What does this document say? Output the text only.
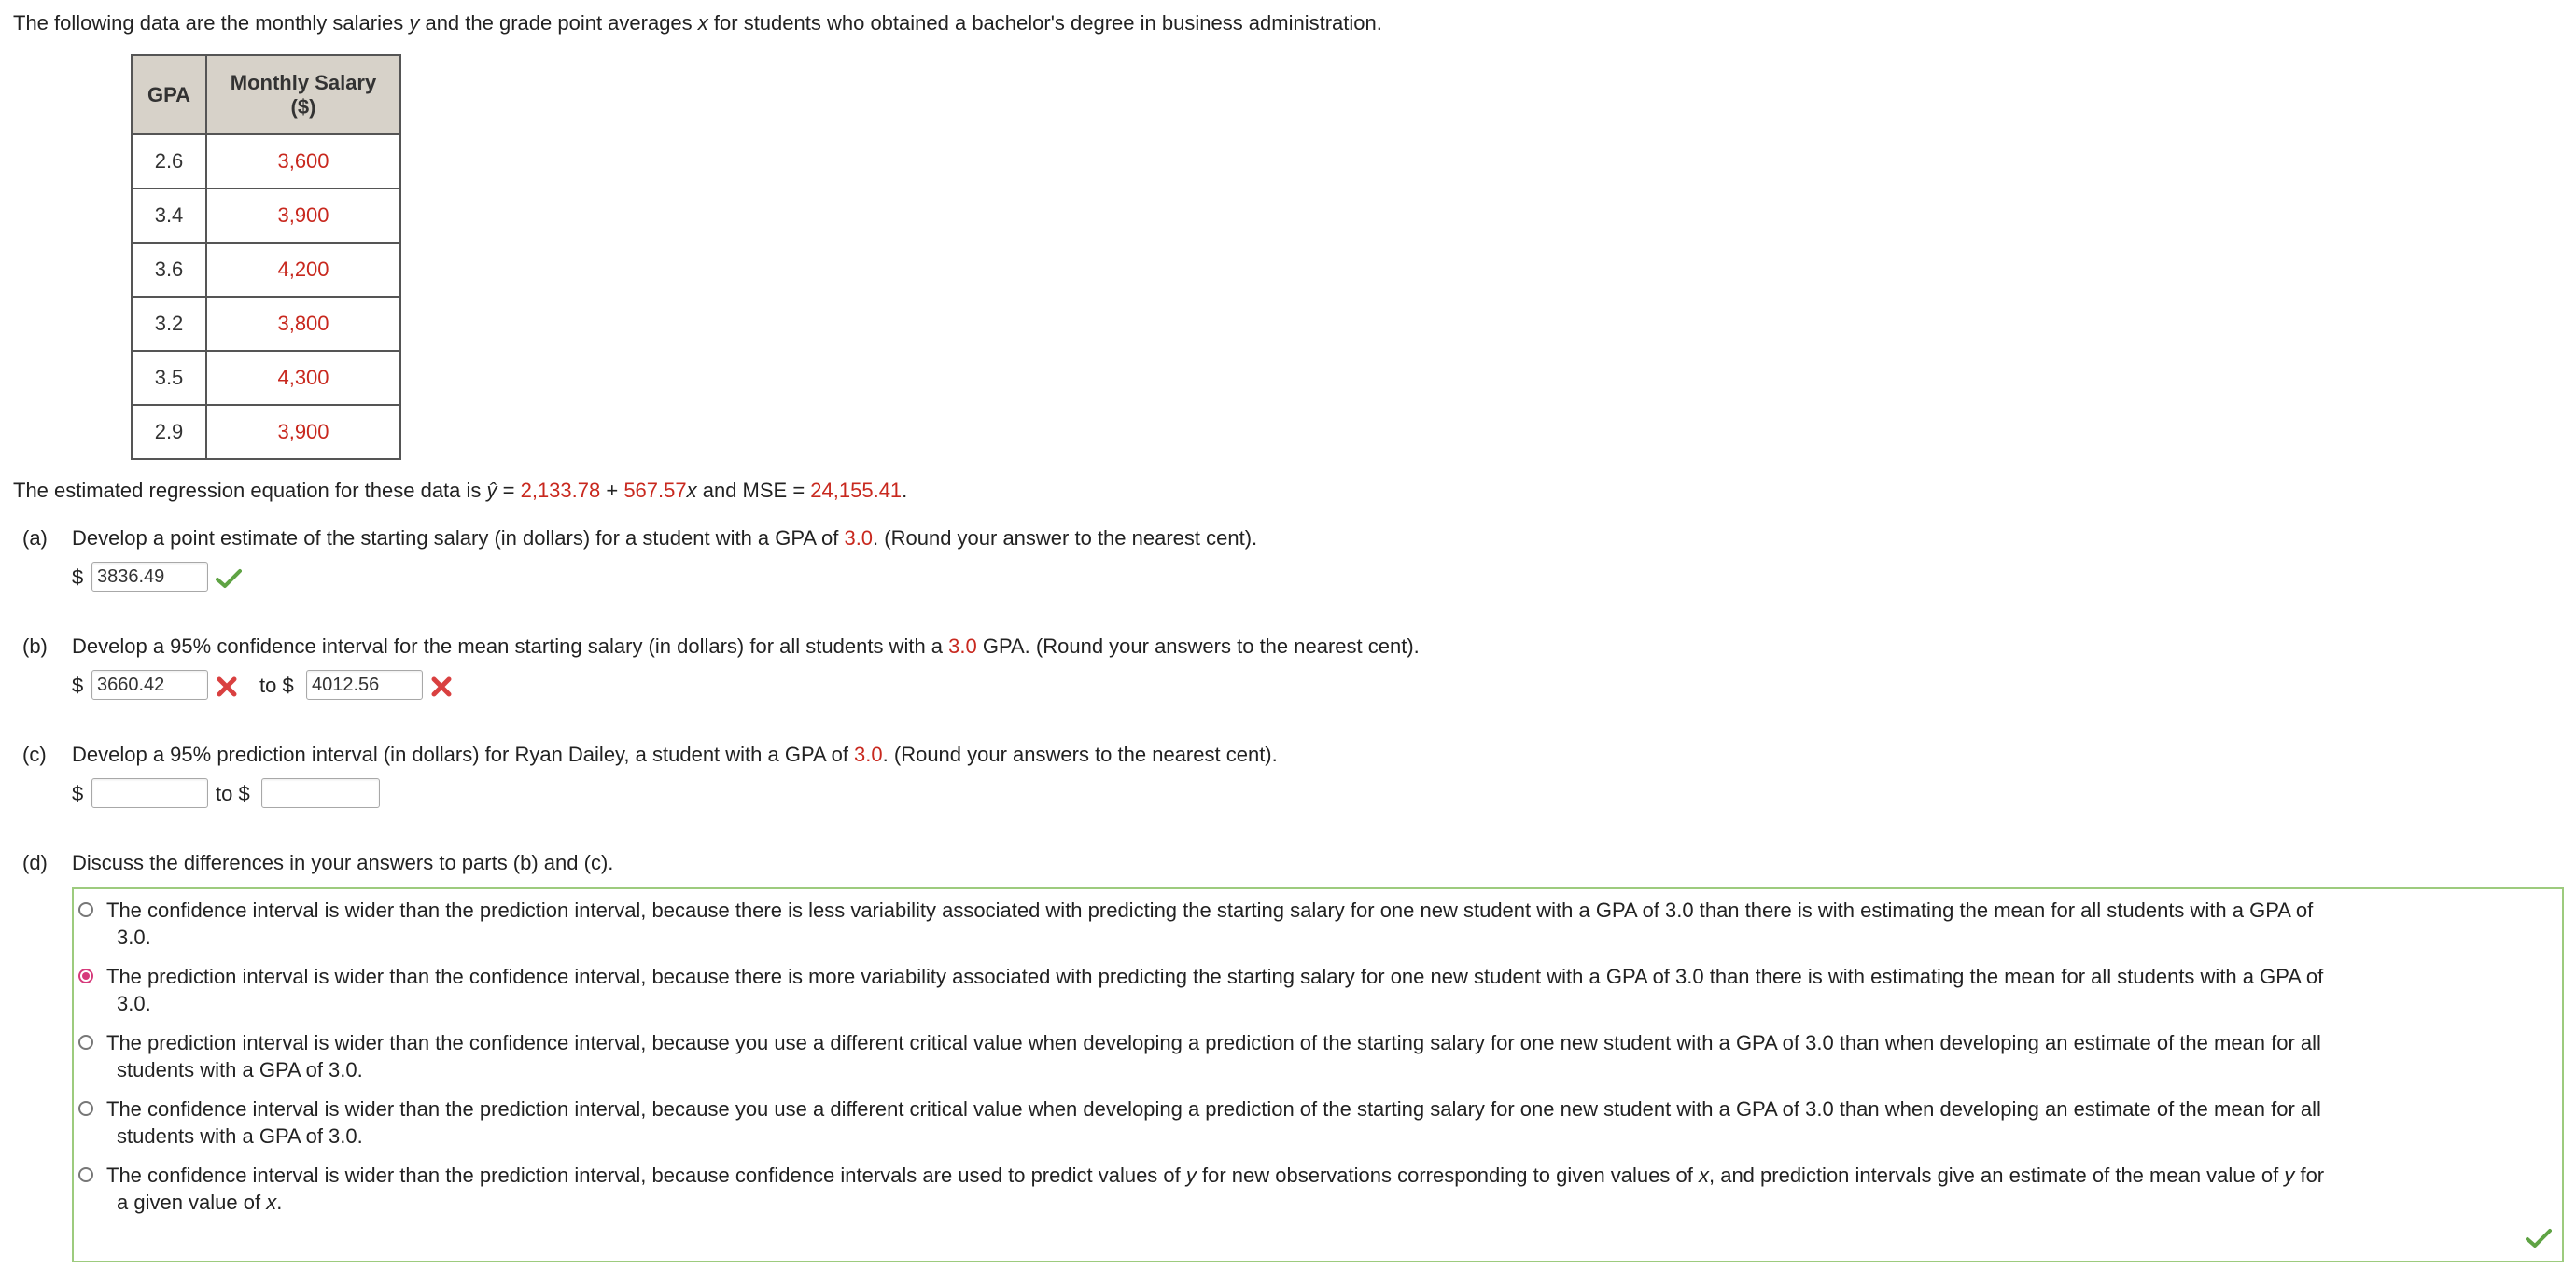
The following data are the monthly salaries y and the grade point averages x for students who obtained a bachelor's degree in business administration.
GPA	Monthly Salary
($)
2.6	3,600
3.4	3,900
3.6	4,200
3.2	3,800
3.5	4,300
2.9	3,900
The estimated regression equation for these data is ŷ = 2,133.78 + 567.57x and MSE = 24,155.41.
(a) Develop a point estimate of the starting salary (in dollars) for a student with a GPA of 3.0. (Round your answer to the nearest cent).
$ 3836.49
(b) Develop a 95% confidence interval for the mean starting salary (in dollars) for all students with a 3.0 GPA. (Round your answers to the nearest cent).
$ 3660.42	to $ 4012.56
(c) Develop a 95% prediction interval (in dollars) for Ryan Dailey, a student with a GPA of 3.0. (Round your answers to the nearest cent).
$	to $
(d) Discuss the differences in your answers to parts (b) and (c).
The confidence interval is wider than the prediction interval, because there is less variability associated with predicting the starting salary for one new student with a GPA of 3.0 than there is with estimating the mean for all students with a GPA of
3.0.
The prediction interval is wider than the confidence interval, because there is more variability associated with predicting the starting salary for one new student with a GPA of 3.0 than there is with estimating the mean for all students with a GPA of
3.0.
The prediction interval is wider than the confidence interval, because you use a different critical value when developing a prediction of the starting salary for one new student with a GPA of 3.0 than when developing an estimate of the mean for all
students with a GPA of 3.0.
The confidence interval is wider than the prediction interval, because you use a different critical value when developing a prediction of the starting salary for one new student with a GPA of 3.0 than when developing an estimate of the mean for all
students with a GPA of 3.0.
The confidence interval is wider than the prediction interval, because confidence intervals are used to predict values of y for new observations corresponding to given values of x, and prediction intervals give an estimate of the mean value of y for
a given value of x.
